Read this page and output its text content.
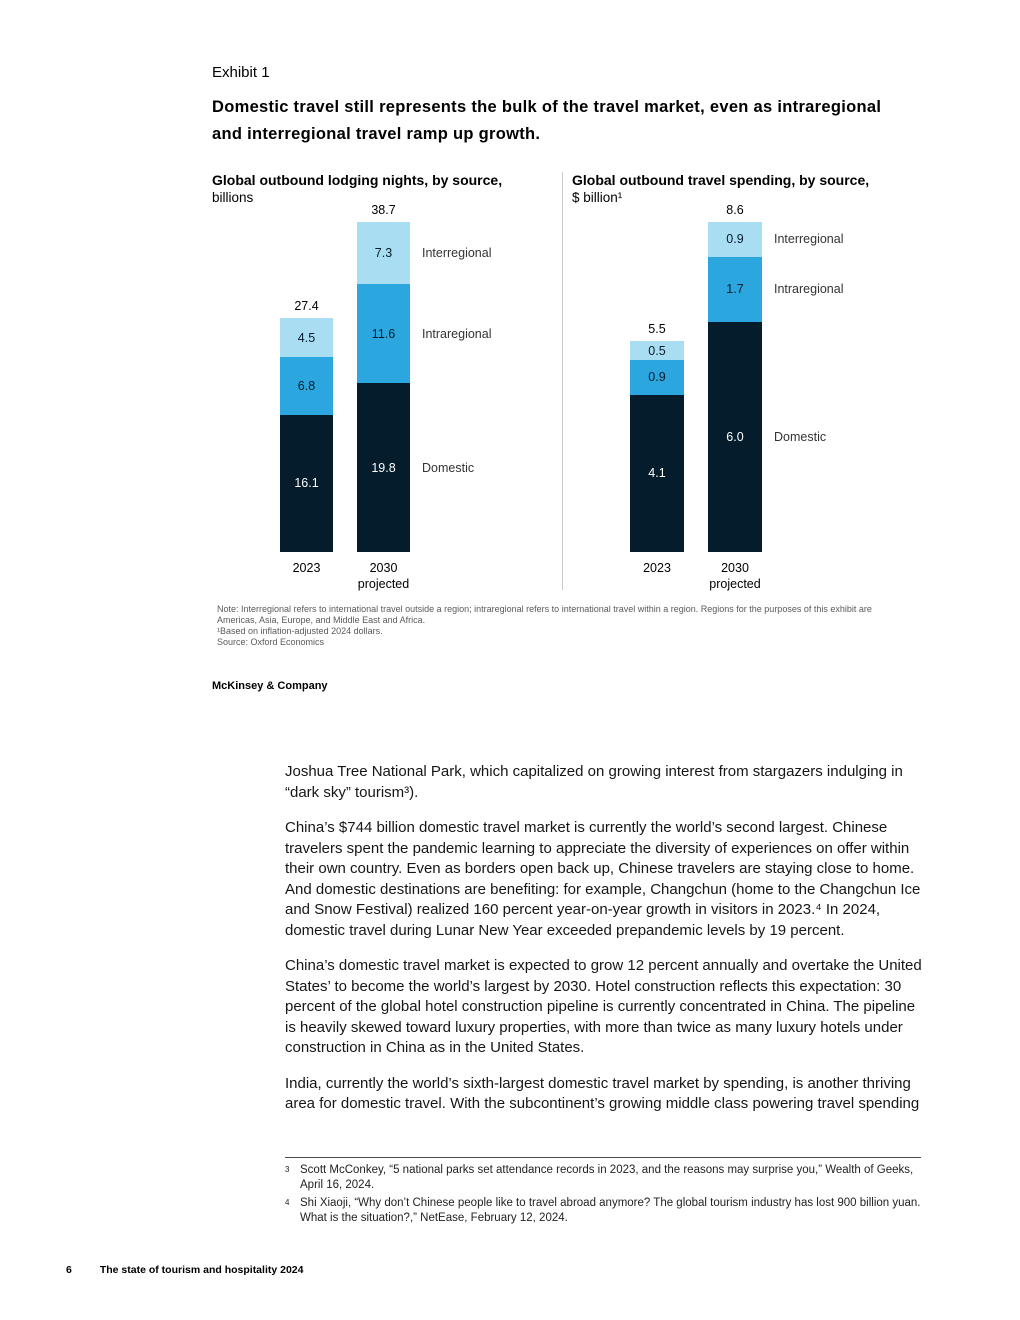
Exhibit 1
Domestic travel still represents the bulk of the travel market, even as intraregional and interregional travel ramp up growth.
Global outbound lodging nights, by source,
billions
16.1
6.8
4.5
27.4
2023
19.8 Domestic
11.6 Intraregional
7.3 Interregional
38.7
2030
projected
Global outbound travel spending, by source,
$ billion¹
4.1
0.9
0.5
5.5
2023
6.0 Domestic
1.7 Intraregional
0.9 Interregional
8.6
2030
projected
Note: Interregional refers to international travel outside a region; intraregional refers to international travel within a region. Regions for the purposes of this exhibit are Americas, Asia, Europe, and Middle East and Africa.
¹Based on inflation-adjusted 2024 dollars.
Source: Oxford Economics
McKinsey & Company

Joshua Tree National Park, which capitalized on growing interest from stargazers indulging in “dark sky” tourism³).

China’s $744 billion domestic travel market is currently the world’s second largest. Chinese travelers spent the pandemic learning to appreciate the diversity of experiences on offer within their own country. Even as borders open back up, Chinese travelers are staying close to home. And domestic destinations are benefiting: for example, Changchun (home to the Changchun Ice and Snow Festival) realized 160 percent year-on-year growth in visitors in 2023.⁴ In 2024, domestic travel during Lunar New Year exceeded prepandemic levels by 19 percent.

China’s domestic travel market is expected to grow 12 percent annually and overtake the United States’ to become the world’s largest by 2030. Hotel construction reflects this expectation: 30 percent of the global hotel construction pipeline is currently concentrated in China. The pipeline is heavily skewed toward luxury properties, with more than twice as many luxury hotels under construction in China as in the United States.

India, currently the world’s sixth-largest domestic travel market by spending, is another thriving area for domestic travel. With the subcontinent’s growing middle class powering travel spending

3 Scott McConkey, “5 national parks set attendance records in 2023, and the reasons may surprise you,” Wealth of Geeks, April 16, 2024.
4 Shi Xiaoji, “Why don’t Chinese people like to travel abroad anymore? The global tourism industry has lost 900 billion yuan. What is the situation?,” NetEase, February 12, 2024.
6	The state of tourism and hospitality 2024
